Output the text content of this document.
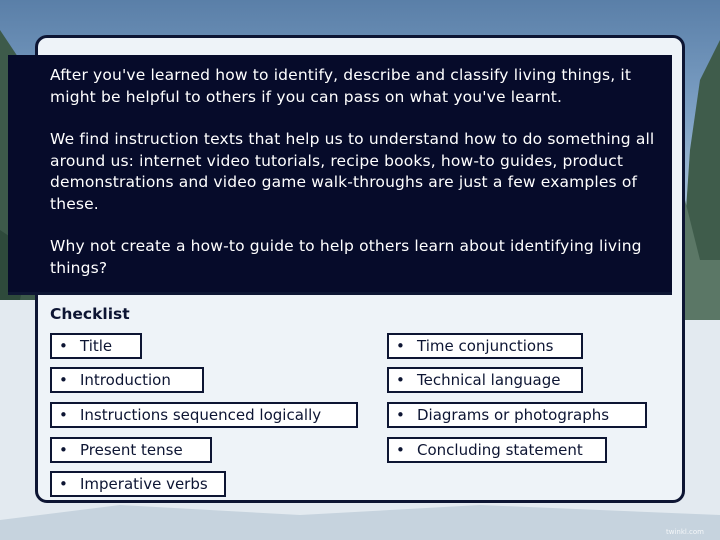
After you've learned how to identify, describe and classify living things, it might be helpful to others if you can pass on what you've learnt.

We find instruction texts that help us to understand how to do something all around us: internet video tutorials, recipe books, how-to guides, product demonstrations and video game walk-throughs are just a few examples of these.

Why not create a how-to guide to help others learn about identifying living things?

Checklist
• Title
• Introduction
• Instructions sequenced logically
• Present tense
• Imperative verbs
• Time conjunctions
• Technical language
• Diagrams or photographs
• Concluding statement
twinkl.com
